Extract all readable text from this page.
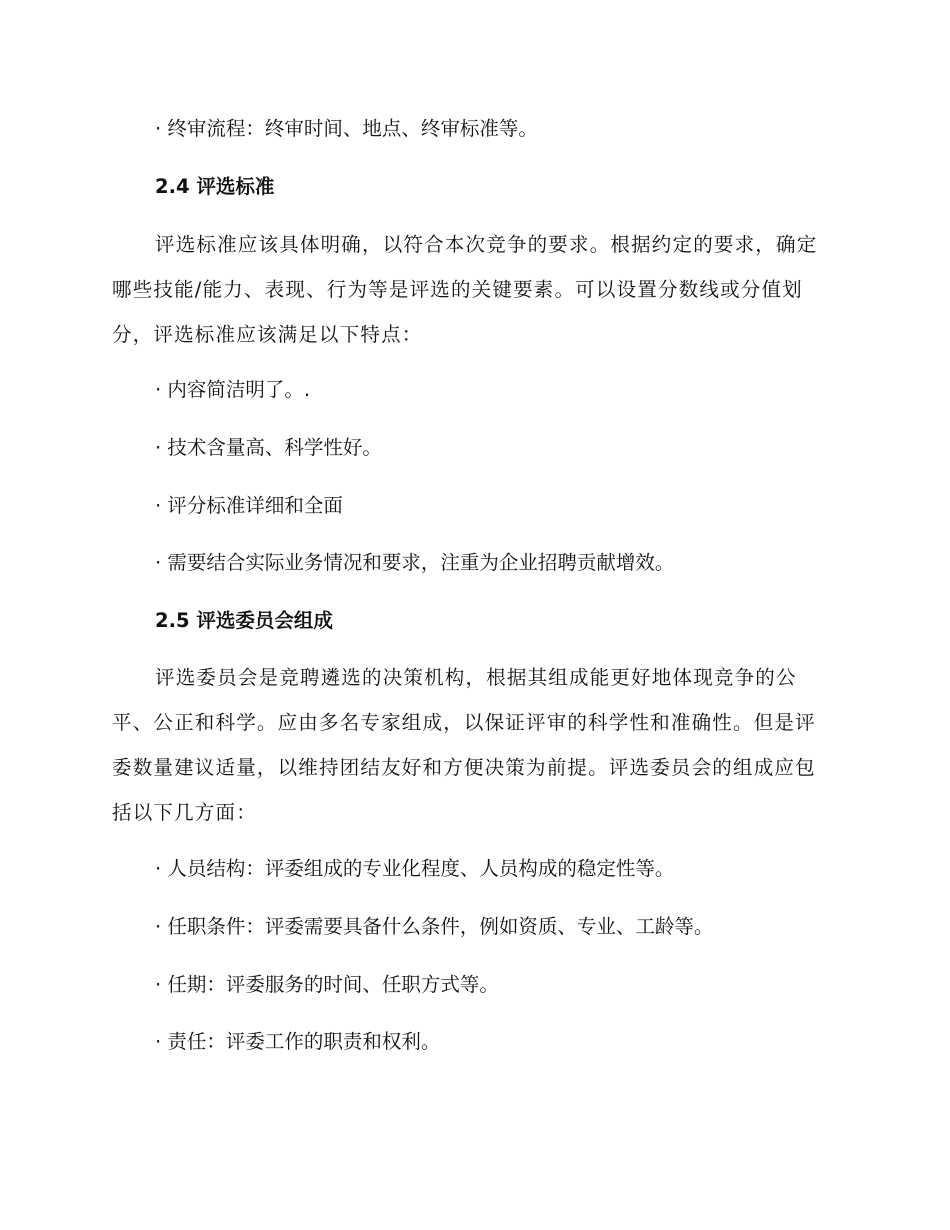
· 终审流程：终审时间、地点、终审标准等。
2.4 评选标准
评选标准应该具体明确，以符合本次竞争的要求。根据约定的要求，确定哪些技能/能力、表现、行为等是评选的关键要素。可以设置分数线或分值划分，评选标准应该满足以下特点：
· 内容简洁明了。.
· 技术含量高、科学性好。
· 评分标准详细和全面
· 需要结合实际业务情况和要求，注重为企业招聘贡献增效。
2.5 评选委员会组成
评选委员会是竞聘遴选的决策机构，根据其组成能更好地体现竞争的公平、公正和科学。应由多名专家组成，以保证评审的科学性和准确性。但是评委数量建议适量，以维持团结友好和方便决策为前提。评选委员会的组成应包括以下几方面：
· 人员结构：评委组成的专业化程度、人员构成的稳定性等。
· 任职条件：评委需要具备什么条件，例如资质、专业、工龄等。
· 任期：评委服务的时间、任职方式等。
· 责任：评委工作的职责和权利。
